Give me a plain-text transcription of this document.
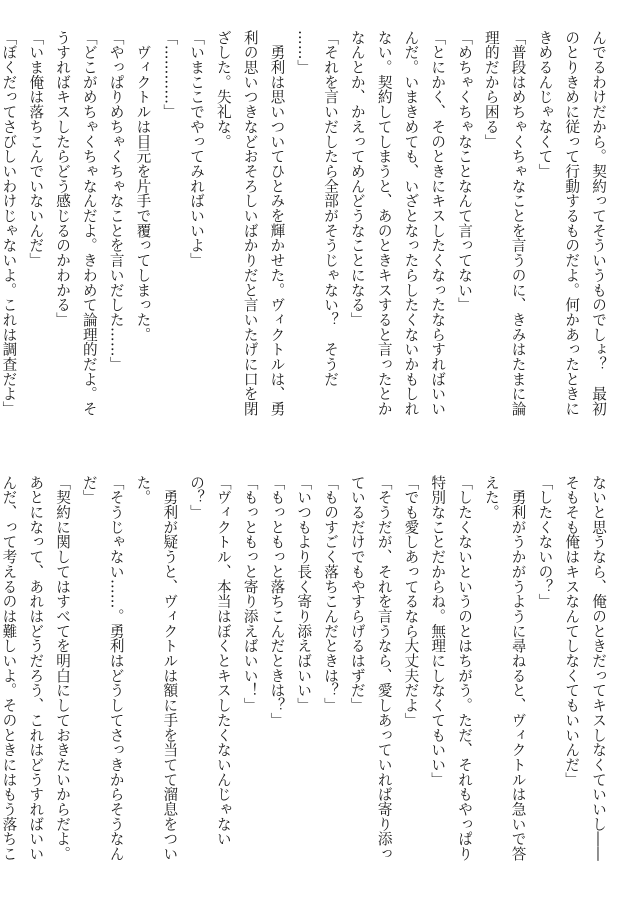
んでるわけだから。契約ってそういうものでしょ？　最初
のとりきめに従って行動するものだよ。何かあったときに
きめるんじゃなくて」
「普段はめちゃくちゃなことを言うのに、きみはたまに論
理的だから困る」
「めちゃくちゃなことなんて言ってない」
「とにかく、そのときにキスしたくなったならすればいい
んだ。いまきめても、いざとなったらしたくないかもしれ
ない。契約してしまうと、あのときキスすると言ったとか
なんとか、かえってめんどうなことになる」
「それを言いだしたら全部がそうじゃない？　そうだ
……」
　勇利は思いついてひとみを輝かせた。ヴィクトルは、勇
利の思いつきなどおそろしいばかりだと言いたげに口を閉
ざした。失礼な。
「いまここでやってみればいいよ」
「…………」
　ヴィクトルは目元を片手で覆ってしまった。
「やっぱりめちゃくちゃなことを言いだした……」
「どこがめちゃくちゃなんだよ。きわめて論理的だよ。そ
うすればキスしたらどう感じるのかわかる」
「いま俺は落ちこんでいないんだ」
「ぼくだってさびしいわけじゃないよ。これは調査だよ」
ないと思うなら、俺のときだってキスしなくていいし――
そもそも俺はキスなんてしなくてもいいんだ」
「したくないの？」
　勇利がうかがうように尋ねると、ヴィクトルは急いで答
えた。
「したくないというのとはちがう。ただ、それもやっぱり
特別なことだからね。無理にしなくてもいい」
「でも愛しあってるなら大丈夫だよ」
「そうだが、それを言うなら、愛しあっていれば寄り添っ
ているだけでもやすらげるはずだ」
「ものすごく落ちこんだときは？」
「いつもより長く寄り添えばいい」
「もっともっと落ちこんだときは？」
「もっともっと寄り添えばいい！」
「ヴィクトル、本当はぼくとキスしたくないんじゃない
の？」
　勇利が疑うと、ヴィクトルは額に手を当てて溜息をつい
た。
「そうじゃない……。勇利はどうしてさっきからそうなん
だ」
「契約に関してはすべてを明白にしておきたいからだよ。
あとになって、あれはどうだろう、これはどうすればいい
んだ、って考えるのは難しいよ。そのときにはもう落ちこ
